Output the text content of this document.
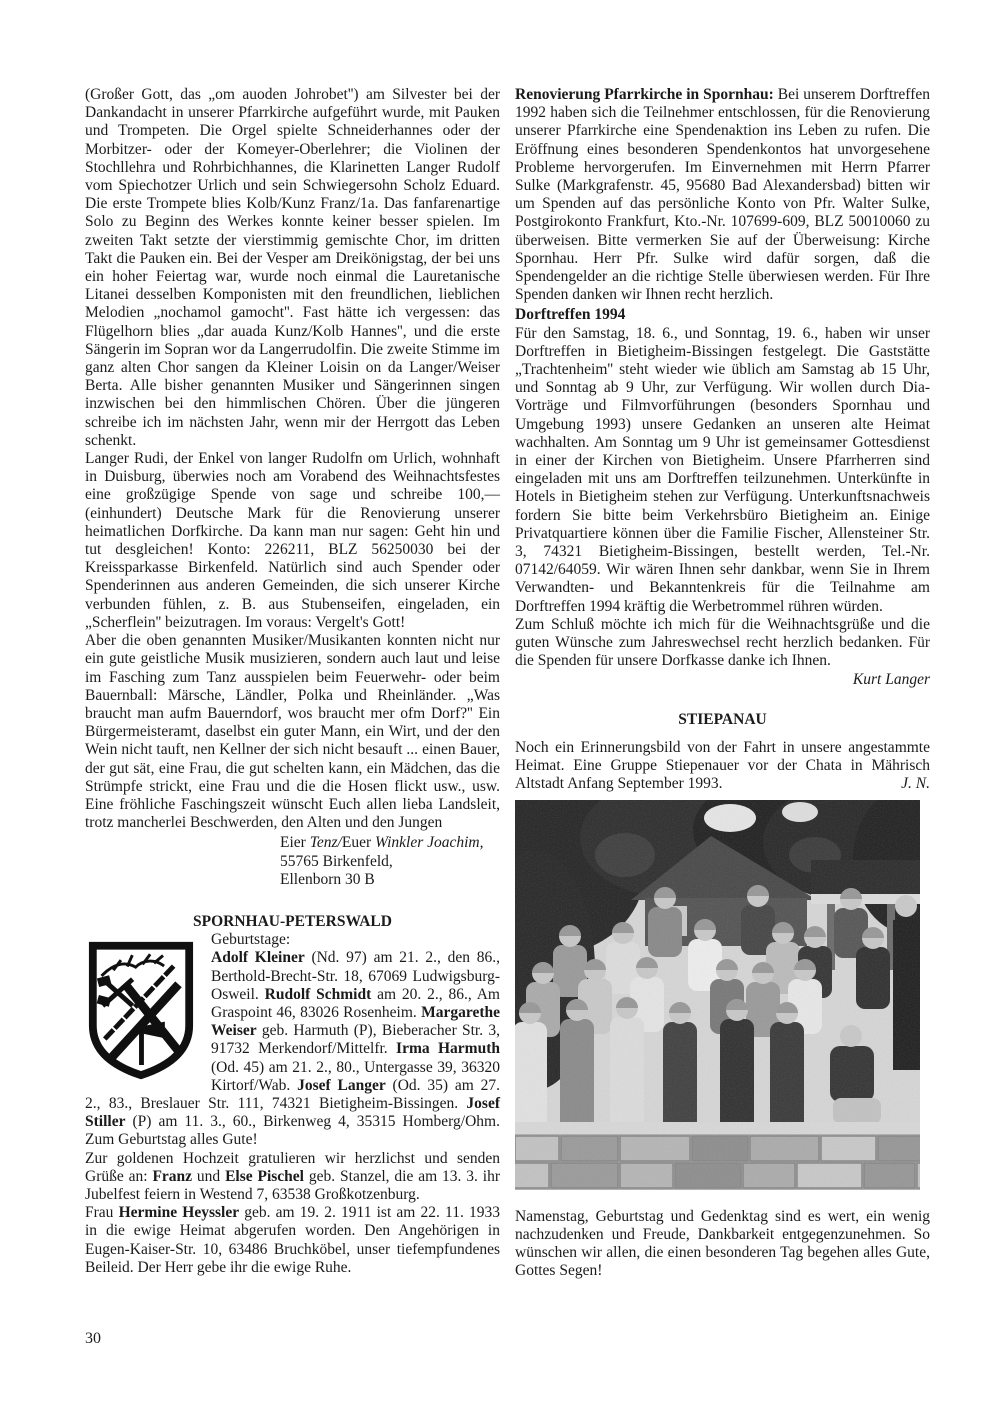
(Großer Gott, das „om auoden Johrobet'') am Silvester bei der Dankandacht in unserer Pfarrkirche aufgeführt wurde, mit Pauken und Trompeten. Die Orgel spielte Schneiderhannes oder der Morbitzer- oder der Komeyer-Oberlehrer; die Violinen der Stochllehra und Rohrbichhannes, die Klarinetten Langer Rudolf vom Spiechotzer Urlich und sein Schwiegersohn Scholz Eduard. Die erste Trompete blies Kolb/Kunz Franz/1a. Das fanfarenartige Solo zu Beginn des Werkes konnte keiner besser spielen. Im zweiten Takt setzte der vierstimmig gemischte Chor, im dritten Takt die Pauken ein. Bei der Vesper am Dreikönigstag, der bei uns ein hoher Feiertag war, wurde noch einmal die Lauretanische Litanei desselben Komponisten mit den freundlichen, lieblichen Melodien „nochamol gamocht''. Fast hätte ich vergessen: das Flügelhorn blies „dar auada Kunz/Kolb Hannes'', und die erste Sängerin im Sopran wor da Langerrudolfin. Die zweite Stimme im ganz alten Chor sangen da Kleiner Loisin on da Langer/Weiser Berta. Alle bisher genannten Musiker und Sängerinnen singen inzwischen bei den himmlischen Chören. Über die jüngeren schreibe ich im nächsten Jahr, wenn mir der Herrgott das Leben schenkt.
Langer Rudi, der Enkel von langer Rudolfn om Urlich, wohnhaft in Duisburg, überwies noch am Vorabend des Weihnachtsfestes eine großzügige Spende von sage und schreibe 100,— (einhundert) Deutsche Mark für die Renovierung unserer heimatlichen Dorfkirche. Da kann man nur sagen: Geht hin und tut desgleichen! Konto: 226211, BLZ 56250030 bei der Kreissparkasse Birkenfeld. Natürlich sind auch Spender oder Spenderinnen aus anderen Gemeinden, die sich unserer Kirche verbunden fühlen, z. B. aus Stubenseifen, eingeladen, ein „Scherflein'' beizutragen. Im voraus: Vergelt's Gott!
Aber die oben genannten Musiker/Musikanten konnten nicht nur ein gute geistliche Musik musizieren, sondern auch laut und leise im Fasching zum Tanz ausspielen beim Feuerwehr- oder beim Bauernball: Märsche, Ländler, Polka und Rheinländer. „Was braucht man aufm Bauerndorf, wos braucht mer ofm Dorf?'' Ein Bürgermeisteramt, daselbst ein guter Mann, ein Wirt, und der den Wein nicht tauft, nen Kellner der sich nicht besauft ... einen Bauer, der gut sät, eine Frau, die gut schelten kann, ein Mädchen, das die Strümpfe strickt, eine Frau und die die Hosen flickt usw., usw. Eine fröhliche Faschingszeit wünscht Euch allen lieba Landsleit, trotz mancherlei Beschwerden, den Alten und den Jungen
Eier Tenz/Euer Winkler Joachim,
55765 Birkenfeld,
Ellenborn 30 B
SPORNHAU-PETERSWALD
Geburtstage:
Adolf Kleiner (Nd. 97) am 21. 2., den 86., Berthold-Brecht-Str. 18, 67069 Ludwigsburg-Osweil. Rudolf Schmidt am 20. 2., 86., Am Graspoint 46, 83026 Rosenheim. Margarethe Weiser geb. Harmuth (P), Bieberacher Str. 3, 91732 Merkendorf/Mittelfr. Irma Harmuth (Od. 45) am 21. 2., 80., Untergasse 39, 36320 Kirtorf/Wab. Josef Langer (Od. 35) am 27. 2., 83., Breslauer Str. 111, 74321 Bietigheim-Bissingen. Josef Stiller (P) am 11. 3., 60., Birkenweg 4, 35315 Homberg/Ohm. Zum Geburtstag alles Gute!
Zur goldenen Hochzeit gratulieren wir herzlichst und senden Grüße an: Franz und Else Pischel geb. Stanzel, die am 13. 3. ihr Jubelfest feiern in Westend 7, 63538 Großkotzenburg.
Frau Hermine Heyssler geb. am 19. 2. 1911 ist am 22. 11. 1933 in die ewige Heimat abgerufen worden. Den Angehörigen in Eugen-Kaiser-Str. 10, 63486 Bruchköbel, unser tiefempfundenes Beileid. Der Herr gebe ihr die ewige Ruhe.
Renovierung Pfarrkirche in Spornhau: Bei unserem Dorftreffen 1992 haben sich die Teilnehmer entschlossen, für die Renovierung unserer Pfarrkirche eine Spendenaktion ins Leben zu rufen. Die Eröffnung eines besonderen Spendenkontos hat unvorgesehene Probleme hervorgerufen. Im Einvernehmen mit Herrn Pfarrer Sulke (Markgrafenstr. 45, 95680 Bad Alexandersbad) bitten wir um Spenden auf das persönliche Konto von Pfr. Walter Sulke, Postgirokonto Frankfurt, Kto.-Nr. 107699-609, BLZ 50010060 zu überweisen. Bitte vermerken Sie auf der Überweisung: Kirche Spornhau. Herr Pfr. Sulke wird dafür sorgen, daß die Spendengelder an die richtige Stelle überwiesen werden. Für Ihre Spenden danken wir Ihnen recht herzlich.
Dorftreffen 1994
Für den Samstag, 18. 6., und Sonntag, 19. 6., haben wir unser Dorftreffen in Bietigheim-Bissingen festgelegt. Die Gaststätte „Trachtenheim'' steht wieder wie üblich am Samstag ab 15 Uhr, und Sonntag ab 9 Uhr, zur Verfügung. Wir wollen durch Dia-Vorträge und Filmvorführungen (besonders Spornhau und Umgebung 1993) unsere Gedanken an unseren alte Heimat wachhalten. Am Sonntag um 9 Uhr ist gemeinsamer Gottesdienst in einer der Kirchen von Bietigheim. Unsere Pfarrherren sind eingeladen mit uns am Dorftreffen teilzunehmen. Unterkünfte in Hotels in Bietigheim stehen zur Verfügung. Unterkunftsnachweis fordern Sie bitte beim Verkehrsbüro Bietigheim an. Einige Privatquartiere können über die Familie Fischer, Allensteiner Str. 3, 74321 Bietigheim-Bissingen, bestellt werden, Tel.-Nr. 07142/64059. Wir wären Ihnen sehr dankbar, wenn Sie in Ihrem Verwandten- und Bekanntenkreis für die Teilnahme am Dorftreffen 1994 kräftig die Werbetrommel rühren würden.
Zum Schluß möchte ich mich für die Weihnachtsgrüße und die guten Wünsche zum Jahreswechsel recht herzlich bedanken. Für die Spenden für unsere Dorfkasse danke ich Ihnen.
Kurt Langer
STIEPANAU
Noch ein Erinnerungsbild von der Fahrt in unsere angestammte Heimat. Eine Gruppe Stiepenauer vor der Chata in Mährisch Altstadt Anfang September 1993.	J. N.
Namenstag, Geburtstag und Gedenktag sind es wert, ein wenig nachzudenken und Freude, Dankbarkeit entgegenzunehmen. So wünschen wir allen, die einen besonderen Tag begehen alles Gute, Gottes Segen!
30
